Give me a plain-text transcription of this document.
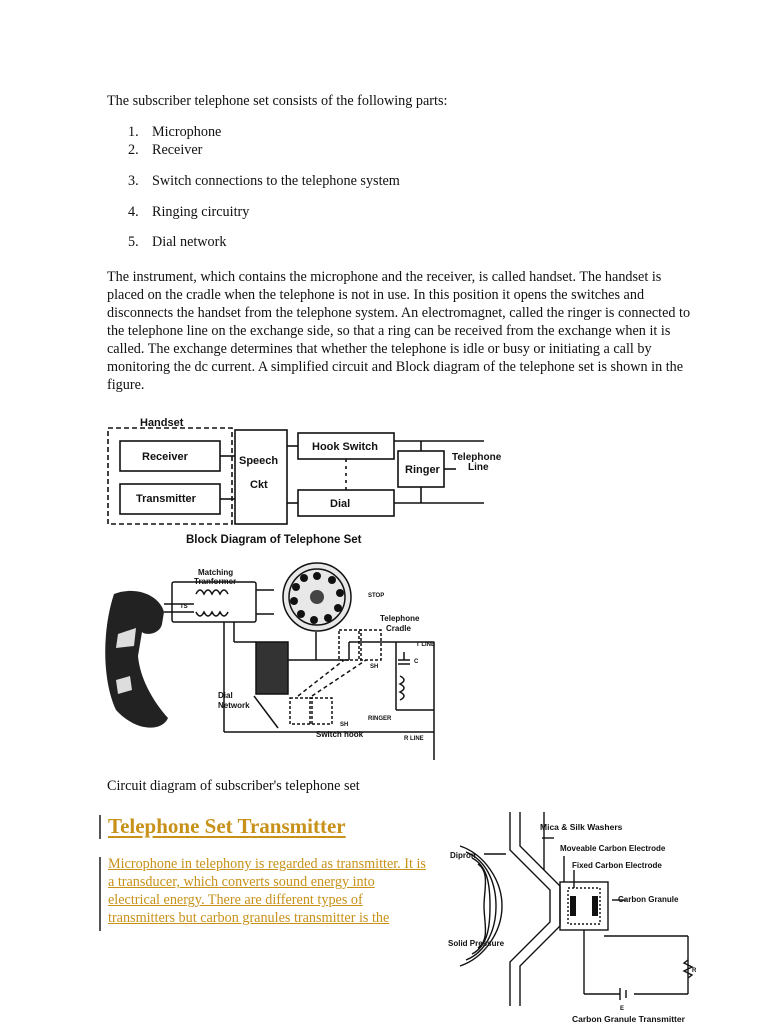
The subscriber telephone set consists of the following parts:
1. Microphone
2. Receiver
3. Switch connections to the telephone system
4. Ringing circuitry
5. Dial network
The instrument, which contains the microphone and the receiver, is called handset. The handset is placed on the cradle when the telephone is not in use. In this position it opens the switches and disconnects the handset from the telephone system. An electromagnet, called the ringer is connected to the telephone line on the exchange side, so that a ring can be received from the exchange when it is called. The exchange determines that whether the telephone is idle or busy or initiating a call by monitoring the dc current. A simplified circuit and Block diagram of the telephone set is shown in the figure.
Handset
Receiver
Transmitter
Speech
Ckt
Hook Switch
Dial
Ringer
Telephone
Line
Block Diagram of Telephone Set
Matching
Tranformer
TS
STOP
Telephone
Cradle
T LINE
SH
C
Dial
Network
RINGER
SH
Switch hook	R LINE
Circuit diagram of subscriber's telephone set
Telephone Set Transmitter
Microphone in telephony is regarded as transmitter. It is a transducer, which converts sound energy into electrical energy. There are different types of transmitters but carbon granules transmitter is the
Mica & Silk Washers
Moveable Carbon Electrode
Fixed Carbon Electrode
Dipron
Carbon Granule
Solid Pressure
R
E
Carbon Granule Transmitter
